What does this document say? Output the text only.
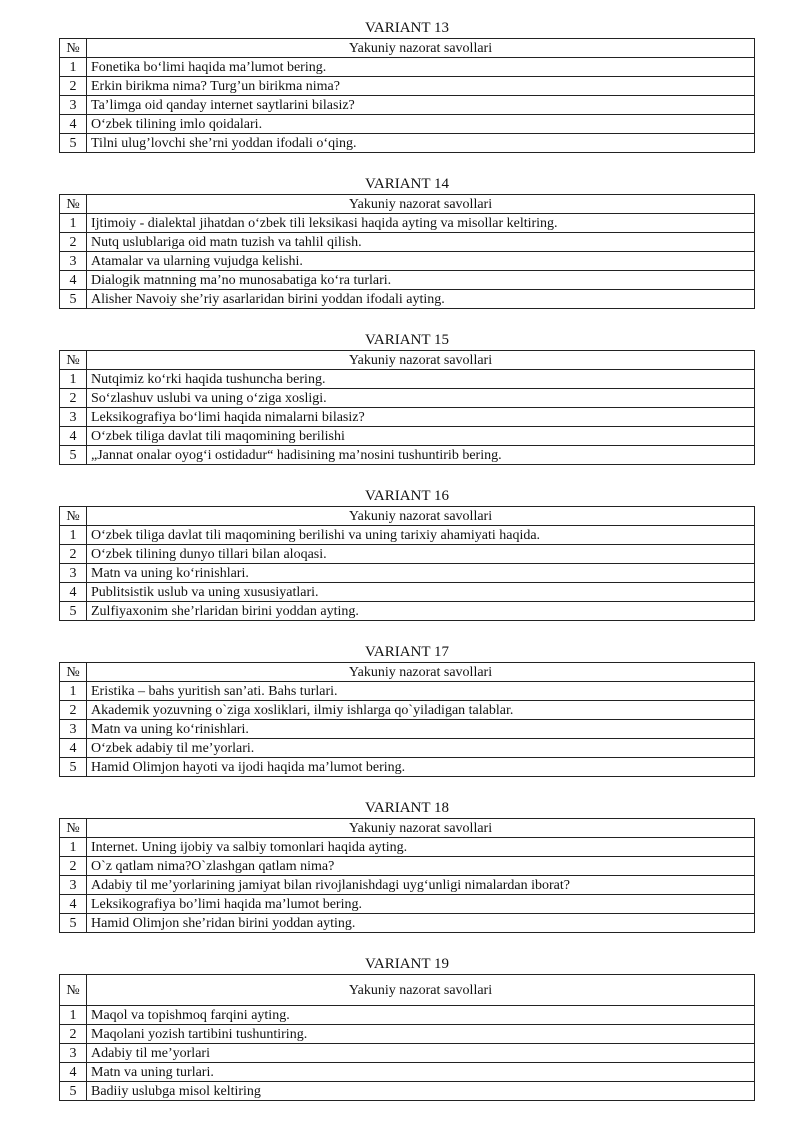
VARIANT 13
№	Yakuniy nazorat savollari
1	Fonetika bo‘limi haqida ma’lumot bering.
2	Erkin birikma nima? Turg’un birikma nima?
3	Ta’limga oid qanday internet saytlarini bilasiz?
4	O‘zbek tilining imlo qoidalari.
5	Tilni ulug’lovchi she’rni yoddan ifodali o‘qing.
VARIANT 14
№	Yakuniy nazorat savollari
1	Ijtimoiy - dialektal jihatdan o‘zbek tili leksikasi haqida ayting va misollar keltiring.
2	Nutq uslublariga oid matn tuzish va tahlil qilish.
3	Atamalar va ularning vujudga kelishi.
4	Dialogik matnning ma’no munosabatiga ko‘ra turlari.
5	Alisher Navoiy she’riy asarlaridan birini yoddan ifodali ayting.
VARIANT 15
№	Yakuniy nazorat savollari
1	Nutqimiz ko‘rki haqida tushuncha bering.
2	So‘zlashuv uslubi va uning o‘ziga xosligi.
3	Leksikografiya bo‘limi haqida nimalarni bilasiz?
4	O‘zbek tiliga davlat tili maqomining berilishi
5	„Jannat onalar oyog‘i ostidadur“ hadisining ma’nosini tushuntirib bering.
VARIANT 16
№	Yakuniy nazorat savollari
1	O‘zbek tiliga davlat tili maqomining berilishi va uning tarixiy ahamiyati haqida.
2	O‘zbek tilining dunyo tillari bilan aloqasi.
3	Matn va uning ko‘rinishlari.
4	Publitsistik uslub va uning xususiyatlari.
5	Zulfiyaxonim she’rlaridan birini yoddan ayting.
VARIANT 17
№	Yakuniy nazorat savollari
1	Eristika – bahs yuritish san’ati. Bahs turlari.
2	Akademik yozuvning o`ziga xosliklari, ilmiy ishlarga qo`yiladigan talablar.
3	Matn va uning ko‘rinishlari.
4	O‘zbek adabiy til me’yorlari.
5	Hamid Olimjon hayoti va ijodi haqida ma’lumot bering.
VARIANT 18
№	Yakuniy nazorat savollari
1	Internet. Uning ijobiy va salbiy tomonlari haqida ayting.
2	O`z qatlam nima?O`zlashgan qatlam nima?
3	Adabiy til me’yorlarining jamiyat bilan rivojlanishdagi uyg‘unligi nimalardan iborat?
4	Leksikografiya bo’limi haqida ma’lumot bering.
5	Hamid Olimjon she’ridan birini yoddan ayting.
VARIANT 19
№	Yakuniy nazorat savollari
1	Maqol va topishmoq farqini ayting.
2	Maqolani yozish tartibini tushuntiring.
3	Adabiy til me’yorlari
4	Matn va uning turlari.
5	Badiiy uslubga misol keltiring
